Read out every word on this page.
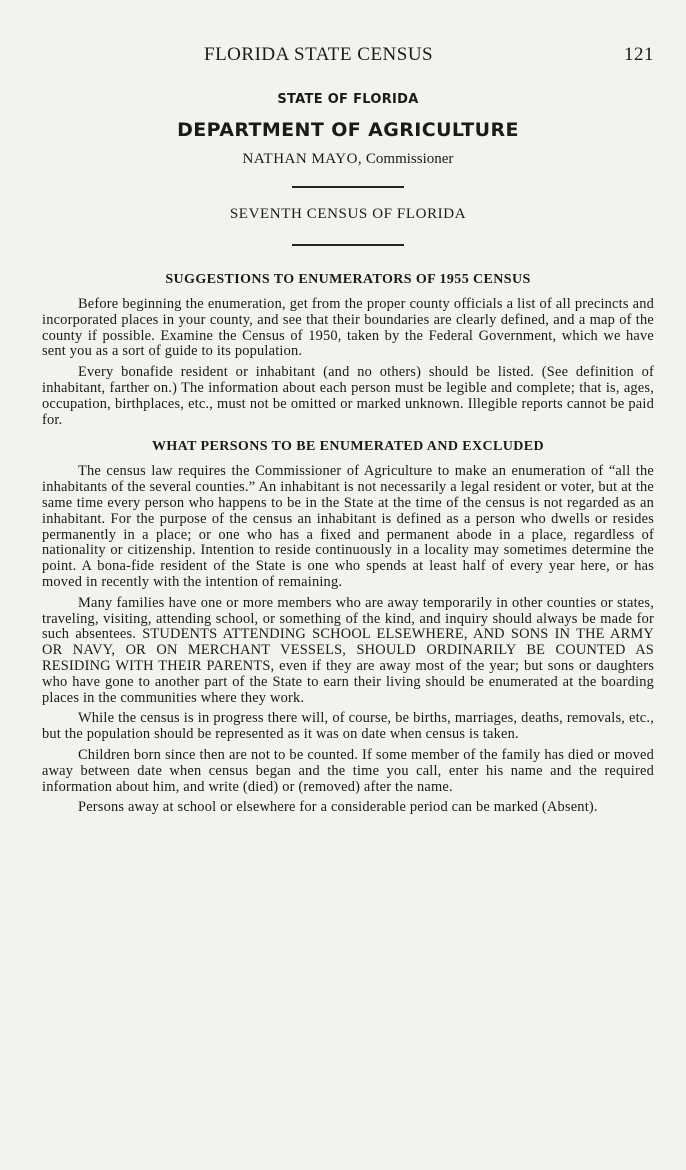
FLORIDA STATE CENSUS	121
STATE OF FLORIDA
DEPARTMENT OF AGRICULTURE
NATHAN MAYO, Commissioner
SEVENTH CENSUS OF FLORIDA
SUGGESTIONS TO ENUMERATORS OF 1955 CENSUS

Before beginning the enumeration, get from the proper county officials a list of all precincts and incorporated places in your county, and see that their boundaries are clearly defined, and a map of the county if possible. Examine the Census of 1950, taken by the Federal Government, which we have sent you as a sort of guide to its population.

Every bonafide resident or inhabitant (and no others) should be listed. (See definition of inhabitant, farther on.) The information about each person must be legible and complete; that is, ages, occupation, birthplaces, etc., must not be omitted or marked unknown. Illegible reports cannot be paid for.

WHAT PERSONS TO BE ENUMERATED AND EXCLUDED

The census law requires the Commissioner of Agriculture to make an enumeration of “all the inhabitants of the several counties.” An inhabitant is not necessarily a legal resident or voter, but at the same time every person who happens to be in the State at the time of the census is not regarded as an inhabitant. For the purpose of the census an inhabitant is defined as a person who dwells or resides permanently in a place; or one who has a fixed and permanent abode in a place, regardless of nationality or citizenship. Intention to reside continuously in a locality may sometimes determine the point. A bona-fide resident of the State is one who spends at least half of every year here, or has moved in recently with the intention of remaining.

Many families have one or more members who are away temporarily in other counties or states, traveling, visiting, attending school, or something of the kind, and inquiry should always be made for such absentees. STUDENTS ATTENDING SCHOOL ELSEWHERE, AND SONS IN THE ARMY OR NAVY, OR ON MERCHANT VESSELS, SHOULD ORDINARILY BE COUNTED AS RESIDING WITH THEIR PARENTS, even if they are away most of the year; but sons or daughters who have gone to another part of the State to earn their living should be enumerated at the boarding places in the communities where they work.

While the census is in progress there will, of course, be births, marriages, deaths, removals, etc., but the population should be represented as it was on date when census is taken.

Children born since then are not to be counted. If some member of the family has died or moved away between date when census began and the time you call, enter his name and the required information about him, and write (died) or (removed) after the name.

Persons away at school or elsewhere for a considerable period can be marked (Absent).
